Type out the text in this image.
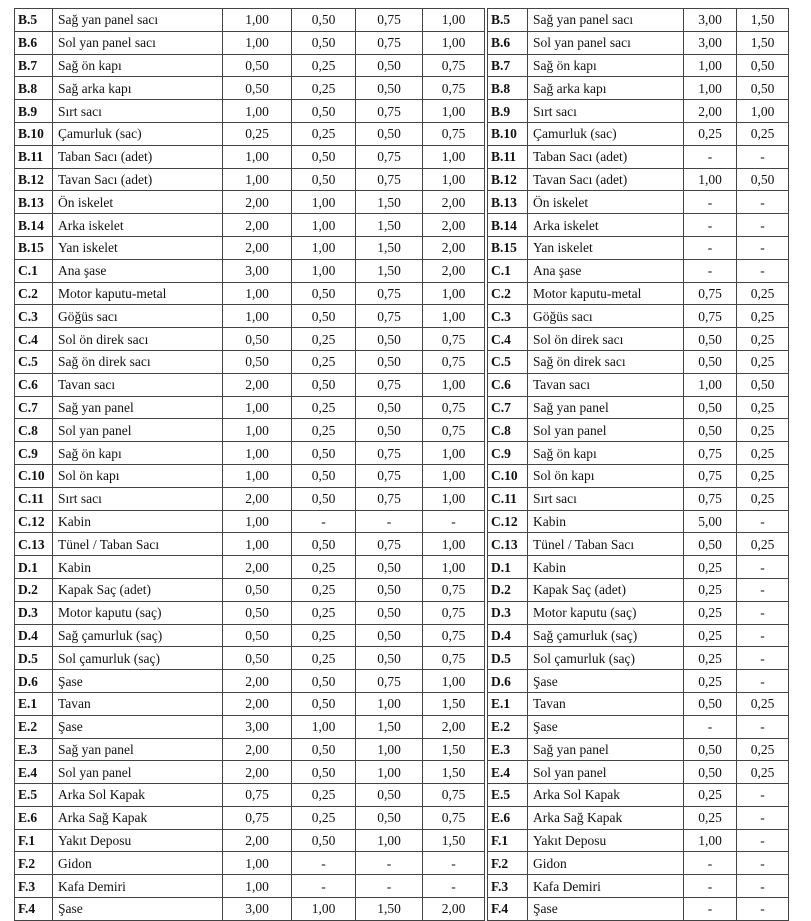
B.5	Sağ yan panel sacı	1,00	0,50	0,75	1,00
B.6	Sol yan panel sacı	1,00	0,50	0,75	1,00
B.7	Sağ ön kapı	0,50	0,25	0,50	0,75
B.8	Sağ arka kapı	0,50	0,25	0,50	0,75
B.9	Sırt sacı	1,00	0,50	0,75	1,00
B.10	Çamurluk (sac)	0,25	0,25	0,50	0,75
B.11	Taban Sacı (adet)	1,00	0,50	0,75	1,00
B.12	Tavan Sacı (adet)	1,00	0,50	0,75	1,00
B.13	Ön iskelet	2,00	1,00	1,50	2,00
B.14	Arka iskelet	2,00	1,00	1,50	2,00
B.15	Yan iskelet	2,00	1,00	1,50	2,00
C.1	Ana şase	3,00	1,00	1,50	2,00
C.2	Motor kaputu-metal	1,00	0,50	0,75	1,00
C.3	Göğüs sacı	1,00	0,50	0,75	1,00
C.4	Sol ön direk sacı	0,50	0,25	0,50	0,75
C.5	Sağ ön direk sacı	0,50	0,25	0,50	0,75
C.6	Tavan sacı	2,00	0,50	0,75	1,00
C.7	Sağ yan panel	1,00	0,25	0,50	0,75
C.8	Sol yan panel	1,00	0,25	0,50	0,75
C.9	Sağ ön kapı	1,00	0,50	0,75	1,00
C.10	Sol ön kapı	1,00	0,50	0,75	1,00
C.11	Sırt sacı	2,00	0,50	0,75	1,00
C.12	Kabin	1,00	-	-	-
C.13	Tünel / Taban Sacı	1,00	0,50	0,75	1,00
D.1	Kabin	2,00	0,25	0,50	1,00
D.2	Kapak Saç (adet)	0,50	0,25	0,50	0,75
D.3	Motor kaputu (saç)	0,50	0,25	0,50	0,75
D.4	Sağ çamurluk (saç)	0,50	0,25	0,50	0,75
D.5	Sol çamurluk (saç)	0,50	0,25	0,50	0,75
D.6	Şase	2,00	0,50	0,75	1,00
E.1	Tavan	2,00	0,50	1,00	1,50
E.2	Şase	3,00	1,00	1,50	2,00
E.3	Sağ yan panel	2,00	0,50	1,00	1,50
E.4	Sol yan panel	2,00	0,50	1,00	1,50
E.5	Arka Sol Kapak	0,75	0,25	0,50	0,75
E.6	Arka Sağ Kapak	0,75	0,25	0,50	0,75
F.1	Yakıt Deposu	2,00	0,50	1,00	1,50
F.2	Gidon	1,00	-	-	-
F.3	Kafa Demiri	1,00	-	-	-
F.4	Şase	3,00	1,00	1,50	2,00
B.5	Sağ yan panel sacı	3,00	1,50
B.6	Sol yan panel sacı	3,00	1,50
B.7	Sağ ön kapı	1,00	0,50
B.8	Sağ arka kapı	1,00	0,50
B.9	Sırt sacı	2,00	1,00
B.10	Çamurluk (sac)	0,25	0,25
B.11	Taban Sacı (adet)	-	-
B.12	Tavan Sacı (adet)	1,00	0,50
B.13	Ön iskelet	-	-
B.14	Arka iskelet	-	-
B.15	Yan iskelet	-	-
C.1	Ana şase	-	-
C.2	Motor kaputu-metal	0,75	0,25
C.3	Göğüs sacı	0,75	0,25
C.4	Sol ön direk sacı	0,50	0,25
C.5	Sağ ön direk sacı	0,50	0,25
C.6	Tavan sacı	1,00	0,50
C.7	Sağ yan panel	0,50	0,25
C.8	Sol yan panel	0,50	0,25
C.9	Sağ ön kapı	0,75	0,25
C.10	Sol ön kapı	0,75	0,25
C.11	Sırt sacı	0,75	0,25
C.12	Kabin	5,00	-
C.13	Tünel / Taban Sacı	0,50	0,25
D.1	Kabin	0,25	-
D.2	Kapak Saç (adet)	0,25	-
D.3	Motor kaputu (saç)	0,25	-
D.4	Sağ çamurluk (saç)	0,25	-
D.5	Sol çamurluk (saç)	0,25	-
D.6	Şase	0,25	-
E.1	Tavan	0,50	0,25
E.2	Şase	-	-
E.3	Sağ yan panel	0,50	0,25
E.4	Sol yan panel	0,50	0,25
E.5	Arka Sol Kapak	0,25	-
E.6	Arka Sağ Kapak	0,25	-
F.1	Yakıt Deposu	1,00	-
F.2	Gidon	-	-
F.3	Kafa Demiri	-	-
F.4	Şase	-	-
